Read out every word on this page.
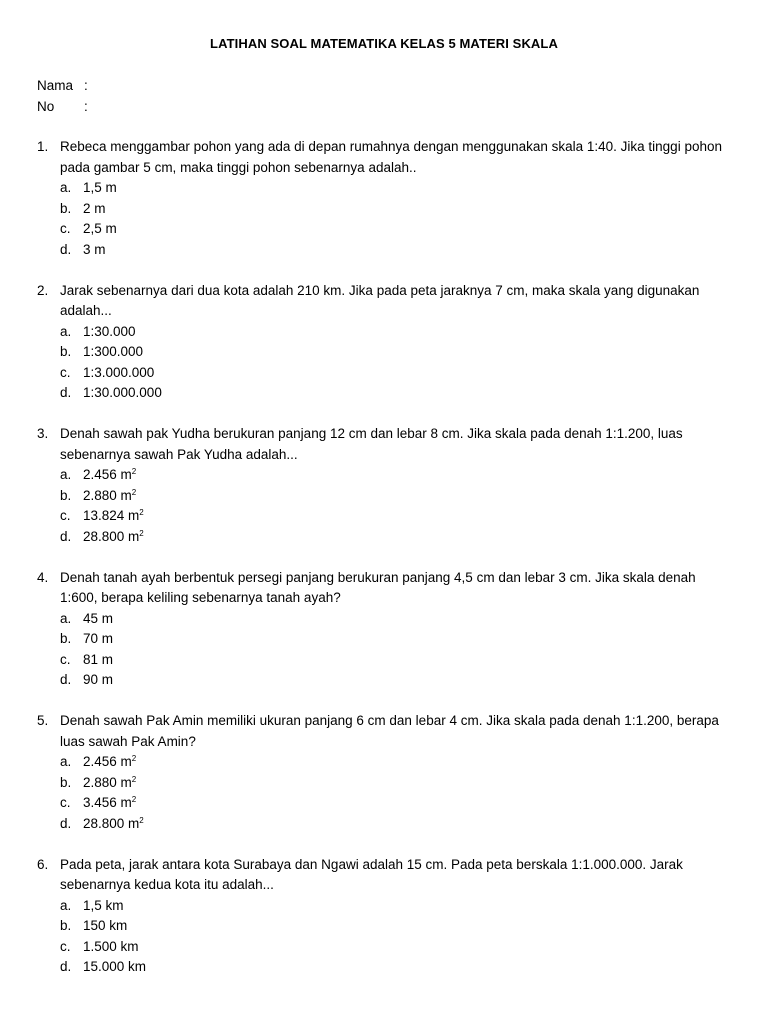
LATIHAN SOAL MATEMATIKA KELAS 5 MATERI SKALA
Nama :
No	:
1. Rebeca menggambar pohon yang ada di depan rumahnya dengan menggunakan skala 1:40. Jika tinggi pohon pada gambar 5 cm, maka tinggi pohon sebenarnya adalah..
a. 1,5 m
b. 2 m
c. 2,5 m
d. 3 m
2. Jarak sebenarnya dari dua kota adalah 210 km. Jika pada peta jaraknya 7 cm, maka skala yang digunakan adalah...
a. 1:30.000
b. 1:300.000
c. 1:3.000.000
d. 1:30.000.000
3. Denah sawah pak Yudha berukuran panjang 12 cm dan lebar 8 cm. Jika skala pada denah 1:1.200, luas sebenarnya sawah Pak Yudha adalah...
a. 2.456 $m^2$
b. 2.880 $m^2$
c. 13.824 $m^2$
d. 28.800 $m^2$
4. Denah tanah ayah berbentuk persegi panjang berukuran panjang 4,5 cm dan lebar 3 cm. Jika skala denah 1:600, berapa keliling sebenarnya tanah ayah?
a. 45 m
b. 70 m
c. 81 m
d. 90 m
5. Denah sawah Pak Amin memiliki ukuran panjang 6 cm dan lebar 4 cm. Jika skala pada denah 1:1.200, berapa luas sawah Pak Amin?
a. 2.456 $m^2$
b. 2.880 $m^2$
c. 3.456 $m^2$
d. 28.800 $m^2$
6. Pada peta, jarak antara kota Surabaya dan Ngawi adalah 15 cm. Pada peta berskala 1:1.000.000. Jarak sebenarnya kedua kota itu adalah...
a. 1,5 km
b. 150 km
c. 1.500 km
d. 15.000 km
